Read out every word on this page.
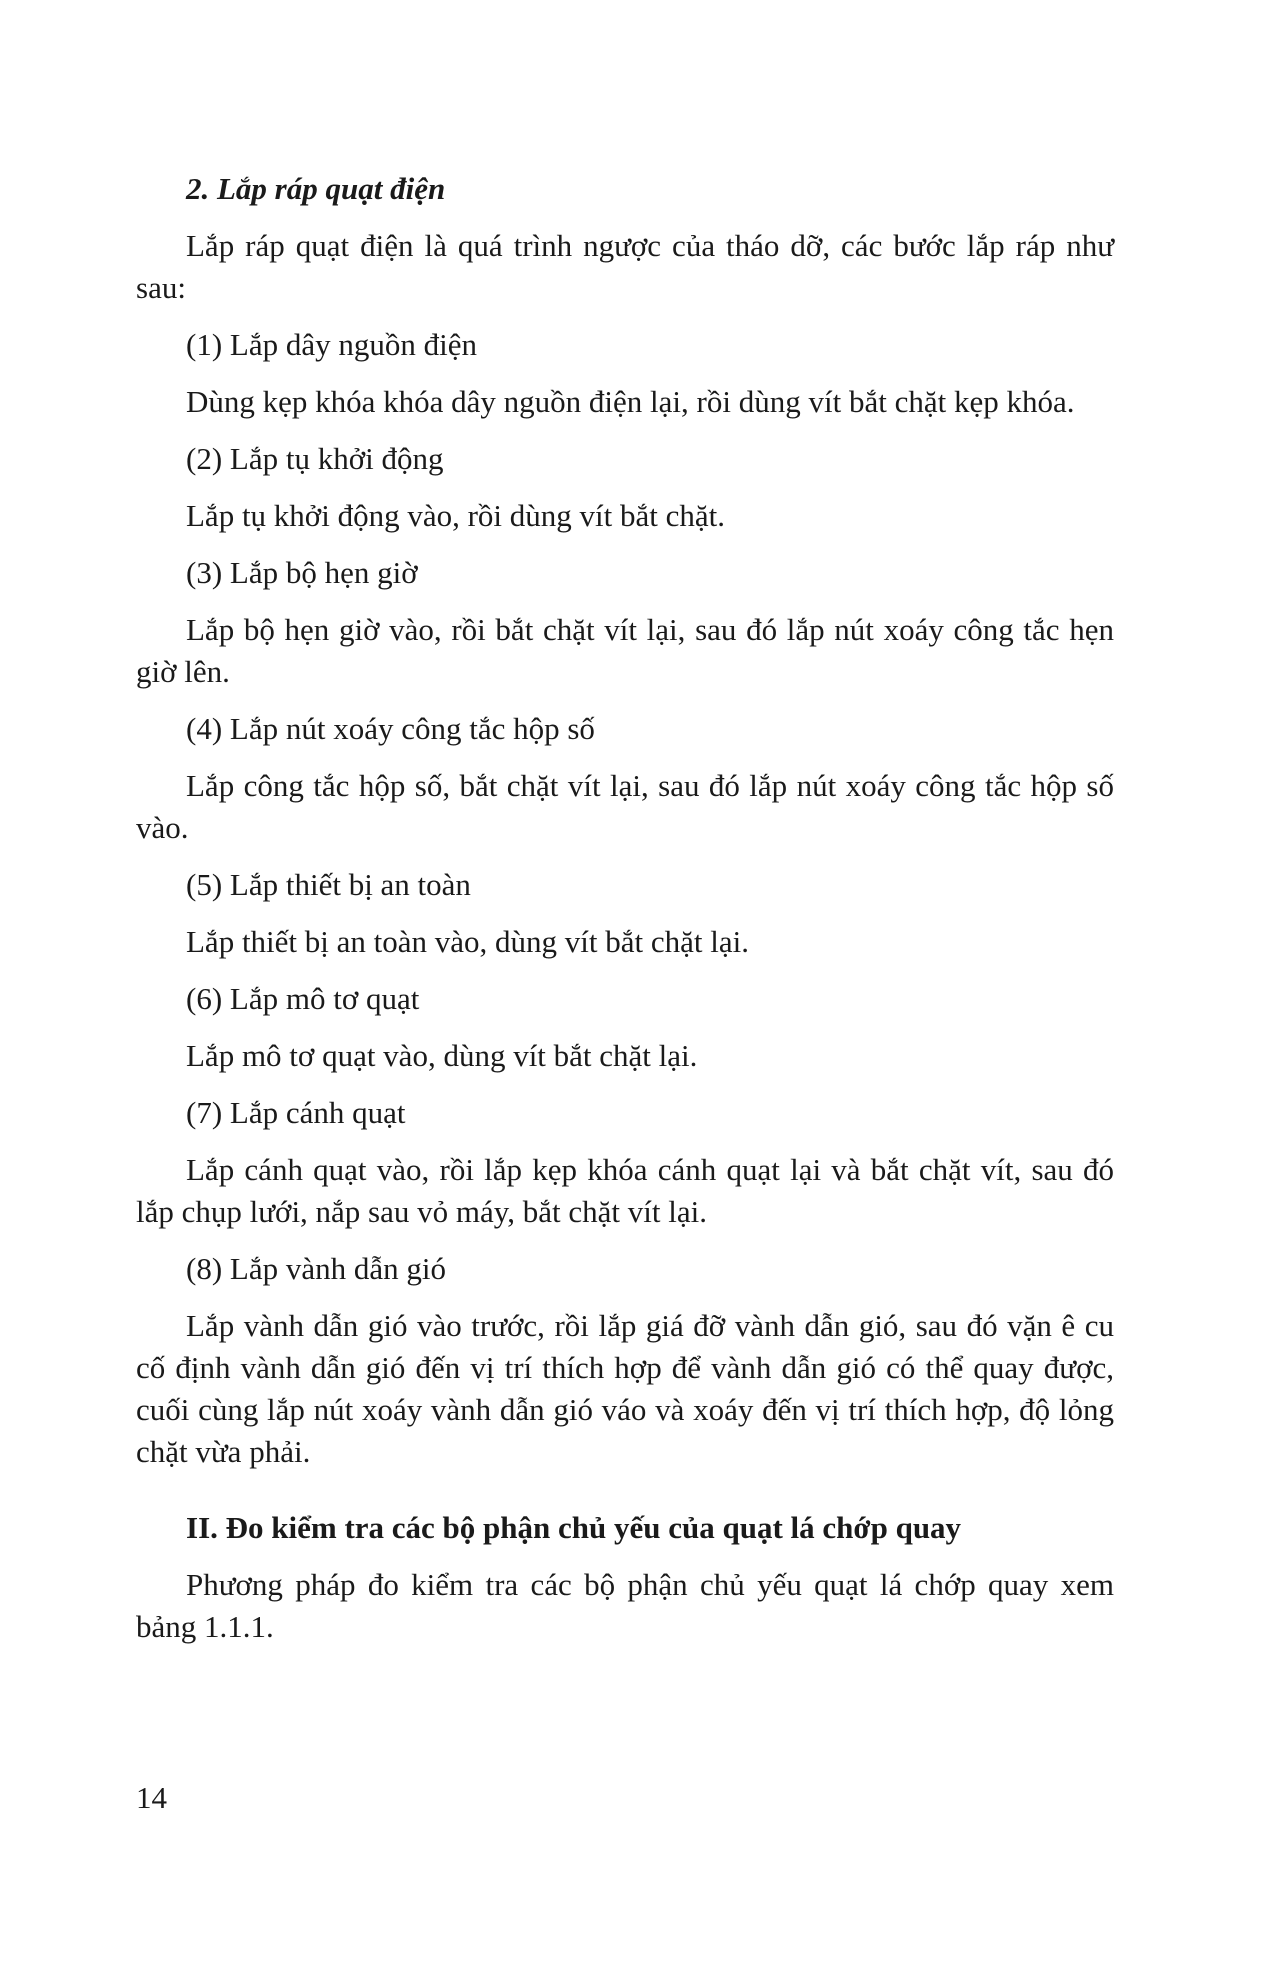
2. Lắp ráp quạt điện

Lắp ráp quạt điện là quá trình ngược của tháo dỡ, các bước lắp ráp như sau:

(1) Lắp dây nguồn điện

Dùng kẹp khóa khóa dây nguồn điện lại, rồi dùng vít bắt chặt kẹp khóa.

(2) Lắp tụ khởi động

Lắp tụ khởi động vào, rồi dùng vít bắt chặt.

(3) Lắp bộ hẹn giờ

Lắp bộ hẹn giờ vào, rồi bắt chặt vít lại, sau đó lắp nút xoáy công tắc hẹn giờ lên.

(4) Lắp nút xoáy công tắc hộp số

Lắp công tắc hộp số, bắt chặt vít lại, sau đó lắp nút xoáy công tắc hộp số vào.

(5) Lắp thiết bị an toàn

Lắp thiết bị an toàn vào, dùng vít bắt chặt lại.

(6) Lắp mô tơ quạt

Lắp mô tơ quạt vào, dùng vít bắt chặt lại.

(7) Lắp cánh quạt

Lắp cánh quạt vào, rồi lắp kẹp khóa cánh quạt lại và bắt chặt vít, sau đó lắp chụp lưới, nắp sau vỏ máy, bắt chặt vít lại.

(8) Lắp vành dẫn gió

Lắp vành dẫn gió vào trước, rồi lắp giá đỡ vành dẫn gió, sau đó vặn ê cu cố định vành dẫn gió đến vị trí thích hợp để vành dẫn gió có thể quay được, cuối cùng lắp nút xoáy vành dẫn gió váo và xoáy đến vị trí thích hợp, độ lỏng chặt vừa phải.

II. Đo kiểm tra các bộ phận chủ yếu của quạt lá chớp quay

Phương pháp đo kiểm tra các bộ phận chủ yếu quạt lá chớp quay xem bảng 1.1.1.

14
